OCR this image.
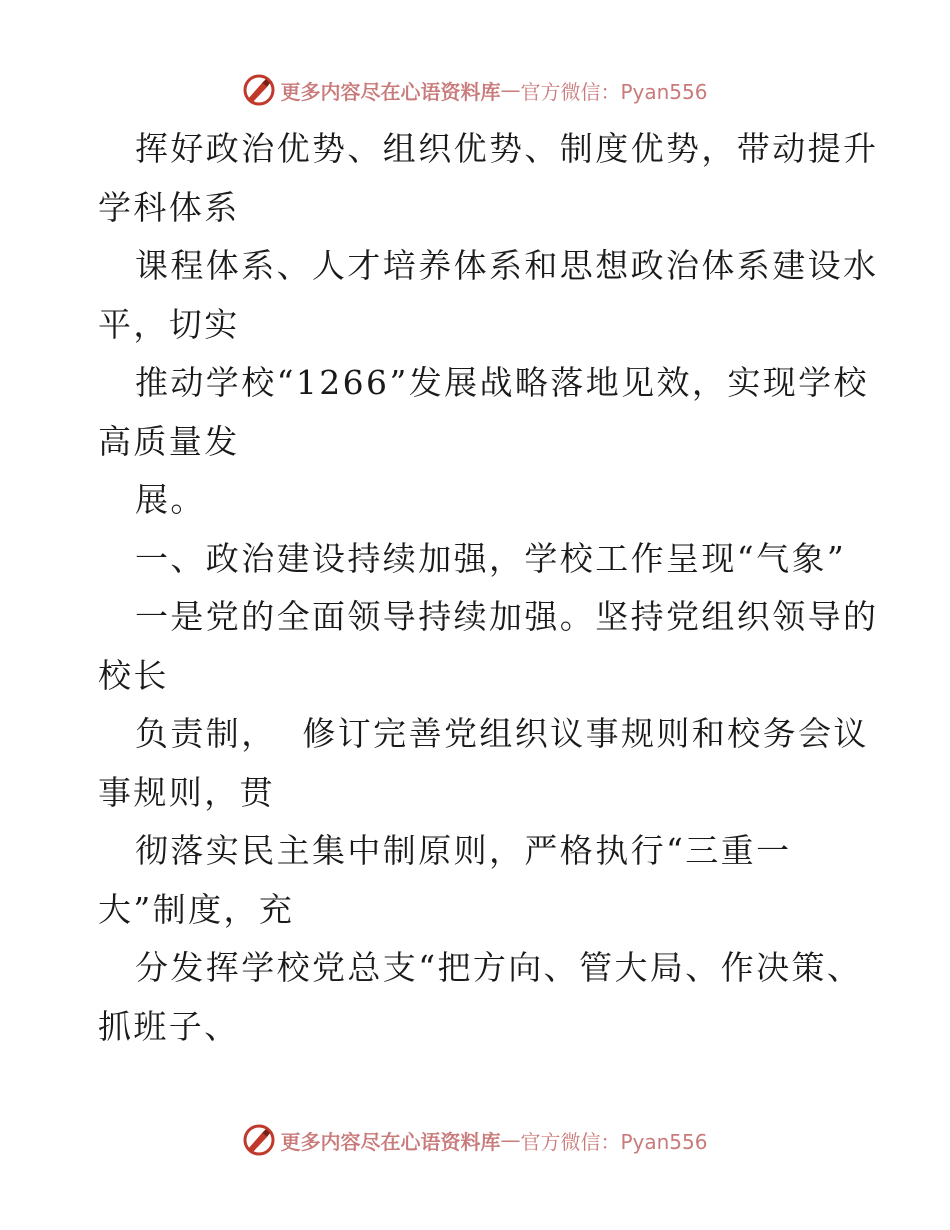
更多内容尽在心语资料库 — 官方微信：Pyan556
挥好政治优势、组织优势、制度优势，带动提升
学科体系
课程体系、人才培养体系和思想政治体系建设水
平，切实
推动学校“1266”发展战略落地见效，实现学校
高质量发
展。
一、政治建设持续加强，学校工作呈现“气象”
一是党的全面领导持续加强。坚持党组织领导的
校长
负责制，  修订完善党组织议事规则和校务会议
事规则，贯
彻落实民主集中制原则，严格执行“三重一
大”制度，充
分发挥学校党总支“把方向、管大局、作决策、
抓班子、
更多内容尽在心语资料库 — 官方微信：Pyan556
